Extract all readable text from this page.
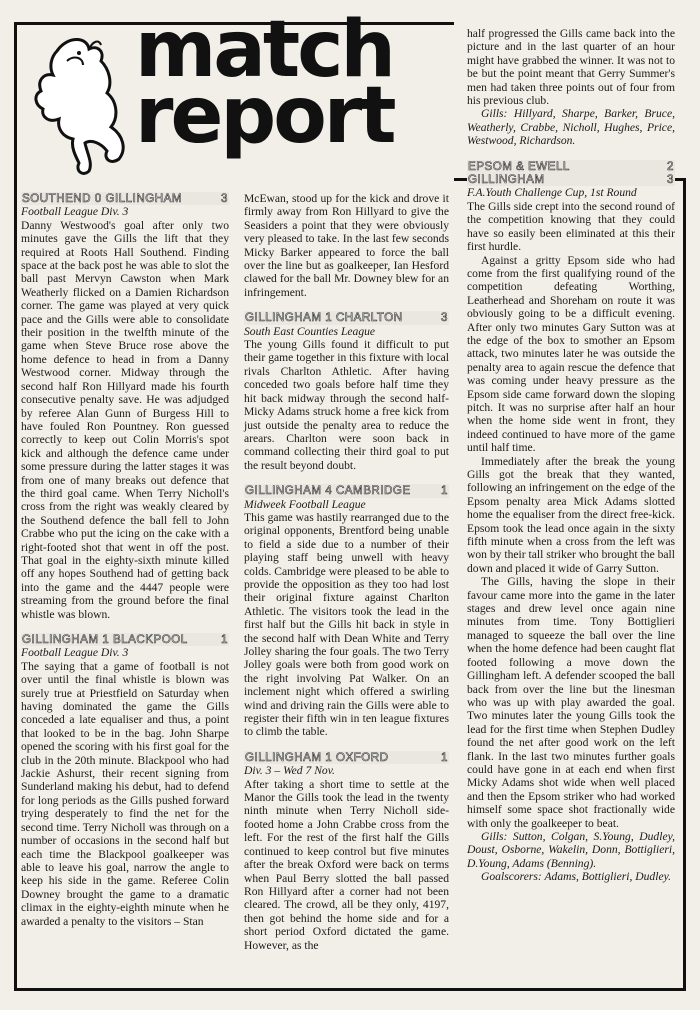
match
report
SOUTHEND 0 GILLINGHAM	3

Football League Div. 3

Danny Westwood's goal after only two minutes gave the Gills the lift that they required at Roots Hall Southend. Finding space at the back post he was able to slot the ball past Mervyn Cawston when Mark Weatherly flicked on a Damien Richardson corner. The game was played at very quick pace and the Gills were able to consolidate their position in the twelfth minute of the game when Steve Bruce rose above the home defence to head in from a Danny Westwood corner. Midway through the second half Ron Hillyard made his fourth consecutive penalty save. He was adjudged by referee Alan Gunn of Burgess Hill to have fouled Ron Pountney. Ron guessed correctly to keep out Colin Morris's spot kick and although the defence came under some pressure during the latter stages it was from one of many breaks out defence that the third goal came. When Terry Nicholl's cross from the right was weakly cleared by the Southend defence the ball fell to John Crabbe who put the icing on the cake with a right-footed shot that went in off the post. That goal in the eighty-sixth minute killed off any hopes Southend had of getting back into the game and the 4447 people were streaming from the ground before the final whistle was blown.

GILLINGHAM 1 BLACKPOOL	1

Football League Div. 3

The saying that a game of football is not over until the final whistle is blown was surely true at Priestfield on Saturday when having dominated the game the Gills conceded a late equaliser and thus, a point that looked to be in the bag. John Sharpe opened the scoring with his first goal for the club in the 20th minute. Blackpool who had Jackie Ashurst, their recent signing from Sunderland making his debut, had to defend for long periods as the Gills pushed forward trying desperately to find the net for the second time. Terry Nicholl was through on a number of occasions in the second half but each time the Blackpool goalkeeper was able to leave his goal, narrow the angle to keep his side in the game. Referee Colin Downey brought the game to a dramatic climax in the eighty-eighth minute when he awarded a penalty to the visitors – Stan

McEwan, stood up for the kick and drove it firmly away from Ron Hillyard to give the Seasiders a point that they were obviously very pleased to take. In the last few seconds Micky Barker appeared to force the ball over the line but as goalkeeper, Ian Hesford clawed for the ball Mr. Downey blew for an infringement.

GILLINGHAM 1 CHARLTON	3

South East Counties League

The young Gills found it difficult to put their game together in this fixture with local rivals Charlton Athletic. After having conceded two goals before half time they hit back midway through the second half- Micky Adams struck home a free kick from just outside the penalty area to reduce the arears. Charlton were soon back in command collecting their third goal to put the result beyond doubt.

GILLINGHAM 4 CAMBRIDGE	1

Midweek Football League

This game was hastily rearranged due to the original opponents, Brentford being unable to field a side due to a number of their playing staff being unwell with heavy colds. Cambridge were pleased to be able to provide the opposition as they too had lost their original fixture against Charlton Athletic. The visitors took the lead in the first half but the Gills hit back in style in the second half with Dean White and Terry Jolley sharing the four goals. The two Terry Jolley goals were both from good work on the right involving Pat Walker. On an inclement night which offered a swirling wind and driving rain the Gills were able to register their fifth win in ten league fixtures to climb the table.

GILLINGHAM 1 OXFORD	1

Div. 3 – Wed 7 Nov.

After taking a short time to settle at the Manor the Gills took the lead in the twenty ninth minute when Terry Nicholl side-footed home a John Crabbe cross from the left. For the rest of the first half the Gills continued to keep control but five minutes after the break Oxford were back on terms when Paul Berry slotted the ball passed Ron Hillyard after a corner had not been cleared. The crowd, all be they only, 4197, then got behind the home side and for a short period Oxford dictated the game. However, as the

half progressed the Gills came back into the picture and in the last quarter of an hour might have grabbed the winner. It was not to be but the point meant that Gerry Summer's men had taken three points out of four from his previous club.

Gills: Hillyard, Sharpe, Barker, Bruce, Weatherly, Crabbe, Nicholl, Hughes, Price, Westwood, Richardson.

EPSOM & EWELL	2
GILLINGHAM	3

F.A.Youth Challenge Cup, 1st Round

The Gills side crept into the second round of the competition knowing that they could have so easily been eliminated at this their first hurdle.

Against a gritty Epsom side who had come from the first qualifying round of the competition defeating Worthing, Leatherhead and Shoreham on route it was obviously going to be a difficult evening. After only two minutes Gary Sutton was at the edge of the box to smother an Epsom attack, two minutes later he was outside the penalty area to again rescue the defence that was coming under heavy pressure as the Epsom side came forward down the sloping pitch. It was no surprise after half an hour when the home side went in front, they indeed continued to have more of the game until half time.

Immediately after the break the young Gills got the break that they wanted, following an infringement on the edge of the Epsom penalty area Mick Adams slotted home the equaliser from the direct free-kick. Epsom took the lead once again in the sixty fifth minute when a cross from the left was won by their tall striker who brought the ball down and placed it wide of Garry Sutton.

The Gills, having the slope in their favour came more into the game in the later stages and drew level once again nine minutes from time. Tony Bottiglieri managed to squeeze the ball over the line when the home defence had been caught flat footed following a move down the Gillingham left. A defender scooped the ball back from over the line but the linesman who was up with play awarded the goal. Two minutes later the young Gills took the lead for the first time when Stephen Dudley found the net after good work on the left flank. In the last two minutes further goals could have gone in at each end when first Micky Adams shot wide when well placed and then the Epsom striker who had worked himself some space shot fractionally wide with only the goalkeeper to beat.

Gills: Sutton, Colgan, S.Young, Dudley, Doust, Osborne, Wakelin, Donn, Bottiglieri, D.Young, Adams (Benning).

Goalscorers: Adams, Bottiglieri, Dudley.
